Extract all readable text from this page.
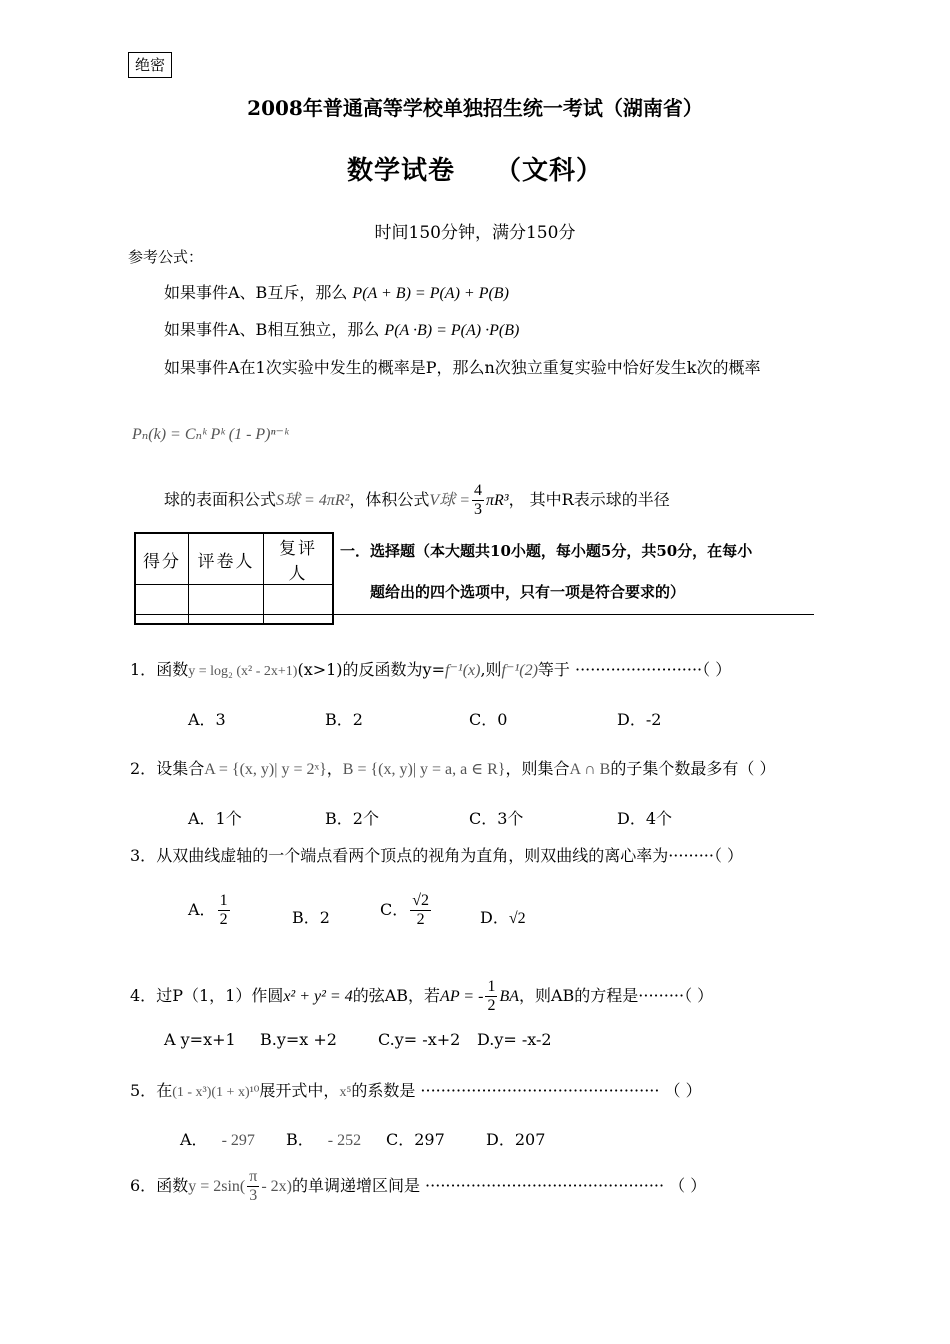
绝密
2008年普通高等学校单独招生统一考试（湖南省）
数学试卷 （文科）
时间150分钟，满分150分
参考公式：
如果事件A、B互斥，那么 P(A + B) = P(A) + P(B)
如果事件A、B相互独立，那么 P(A ·B) = P(A) ·P(B)
如果事件A在1次实验中发生的概率是P，那么n次独立重复实验中恰好发生k次的概率
Pₙ(k) = Cₙᵏ Pᵏ (1 - P)ⁿ⁻ᵏ
球的表面积公式S球 = 4πR²，体积公式V球 = $\frac{4}{3} \pi R^3$， 其中R表示球的半径
得分	评卷人	复评人

一．选择题（本大题共10小题，每小题5分，共50分，在每小
题给出的四个选项中，只有一项是符合要求的）
1．函数y = log₂ (x² - 2x+1)(x>1)的反函数为y=f⁻¹(x),则f⁻¹(2)等于 ·························（ ）
A．3	B．2	C．0	D．-2
2．设集合A = {(x, y)| y = 2ˣ}，B = {(x, y)| y = a, a ∈ R}，则集合A ∩ B的子集个数最多有（ ）
A．1个	B．2个	C．3个	D．4个
3．从双曲线虚轴的一个端点看两个顶点的视角为直角，则双曲线的离心率为·········（ ）
A． $\frac{1}{2}$	B．2	C． $\frac{√2}{2}$	D．√2
4．过P（1，1）作圆x² + y² = 4的弦AB，若AP = - $\frac{1}{2}$ BA，则AB的方程是·········（ ）
A y=x+1 B.y=x +2	C.y= -x+2 D.y= -x-2
5．在(1 - x³)(1 + x)¹⁰展开式中，x⁵的系数是 ··············································· （ ）
A． - 297 B． - 252 C．297	D．207
6．函数$y = 2\sin( \frac{\pi}{3} - 2x)$的单调递增区间是 ··············································· （ ）
